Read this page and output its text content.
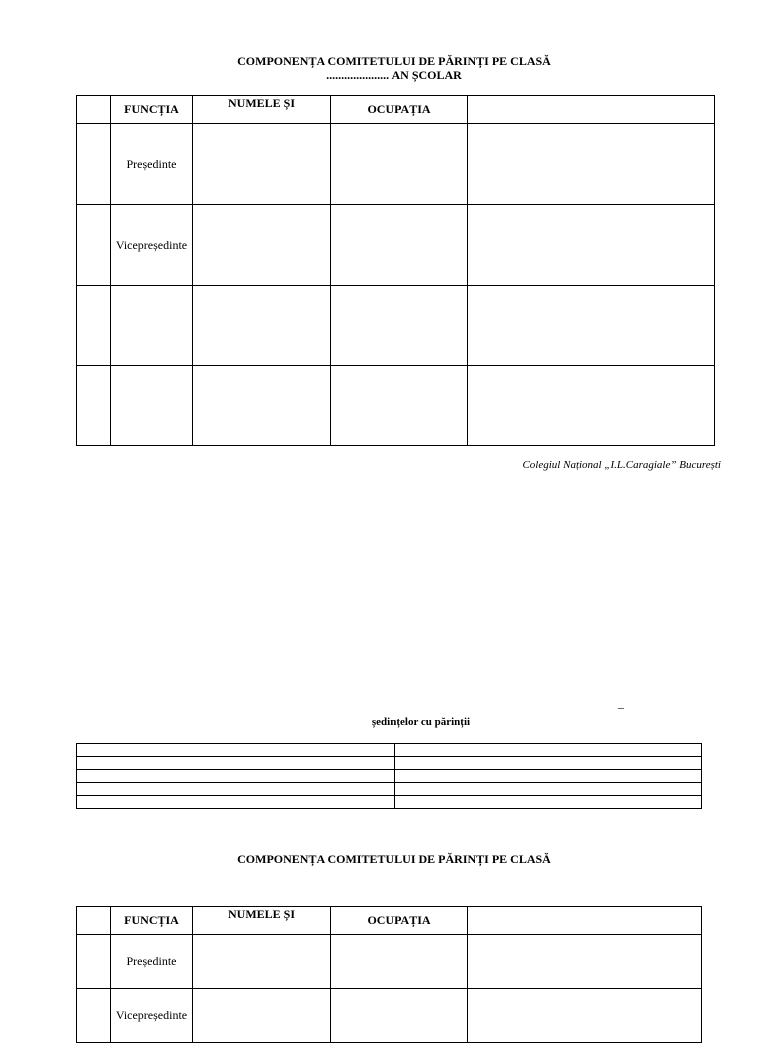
COMPONENȚA COMITETULUI DE PĂRINȚI PE CLASĂ
..................... AN ȘCOLAR
	FUNCȚIA	NUMELE ȘI	OCUPAȚIA	
	Președinte			
	Vicepreședinte			

Colegiul Național „I.L.Caragiale” București
–
ședințelor cu părinții

COMPONENȚA COMITETULUI DE PĂRINȚI PE CLASĂ
	FUNCȚIA	NUMELE ȘI	OCUPAȚIA	
	Președinte			
	Vicepreședinte			
